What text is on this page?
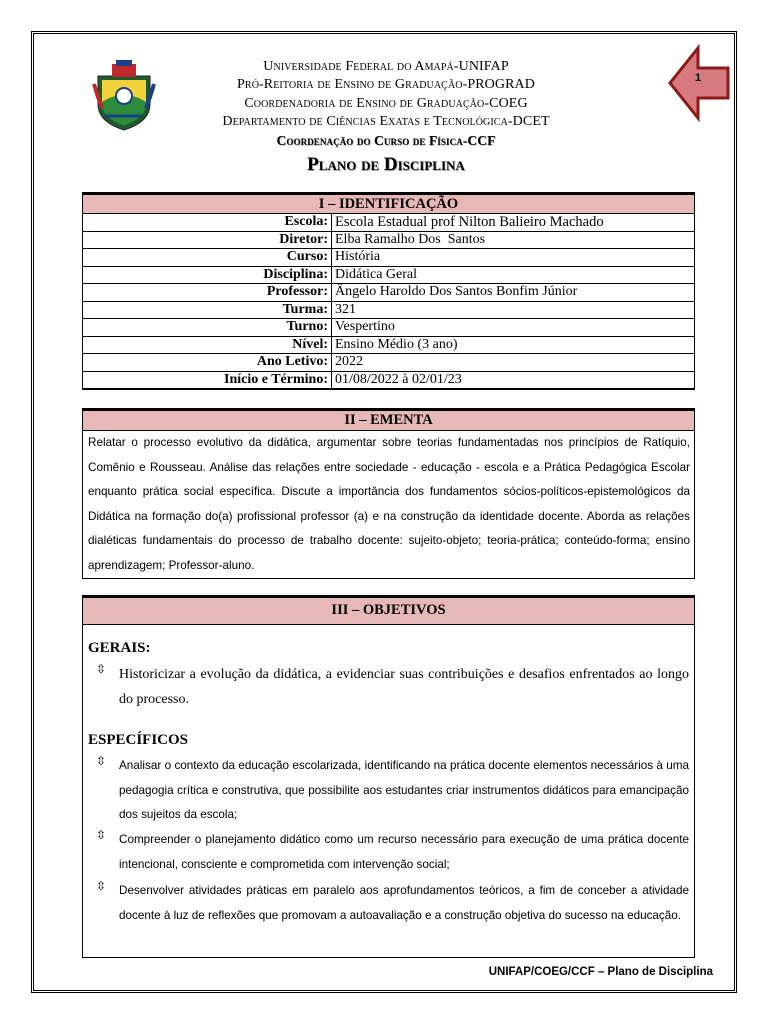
Universidade Federal do Amapá-UNIFAP
Pró-Reitoria de Ensino de Graduação-PROGRAD
Coordenadoria de Ensino de Graduação-COEG
Departamento de Ciências Exatas e Tecnológica-DCET
Coordenação do Curso de Física-CCF
Plano de Disciplina
1
I – IDENTIFICAÇÃO	
Escola:	Escola Estadual prof Nilton Balieiro Machado
Diretor:	Elba Ramalho Dos  Santos
Curso:	História
Disciplina:	Didática Geral
Professor:	Ângelo Haroldo Dos Santos Bonfim Júnior
Turma:	321
Turno:	Vespertino
Nível:	Ensino Médio (3 ano)
Ano Letivo:	2022
Início e Término:	01/08/2022 à 02/01/23
II – EMENTA
Relatar o processo evolutivo da didática, argumentar sobre teorias fundamentadas nos princípios de Ratíquio, Comênio e Rousseau. Análise das relações entre sociedade - educação - escola e a Prática Pedagógica Escolar enquanto prática social específica. Discute a importância dos fundamentos sócios-políticos-epistemológicos da Didática na formação do(a) profissional professor (a) e na construção da identidade docente. Aborda as relações dialéticas fundamentais do processo de trabalho docente: sujeito-objeto; teoria-prática; conteúdo-forma; ensino aprendizagem; Professor-aluno.
III – OBJETIVOS
GERAIS:
⇳ Historicizar a evolução da didática, a evidenciar suas contribuições e desafios enfrentados ao longo do processo.
ESPECÍFICOS
⇳ Analisar o contexto da educação escolarizada, identificando na prática docente elementos necessários à uma pedagogia crítica e construtiva, que possibilite aos estudantes criar instrumentos didáticos para emancipação dos sujeitos da escola;
⇳ Compreender o planejamento didático como um recurso necessário para execução de uma prática docente intencional, consciente e comprometida com intervenção social;
⇳ Desenvolver atividades práticas em paralelo aos aprofundamentos teóricos, a fim de conceber a atividade docente à luz de reflexões que promovam a autoavaliação e a construção objetiva do sucesso na educação.
UNIFAP/COEG/CCF – Plano de Disciplina
